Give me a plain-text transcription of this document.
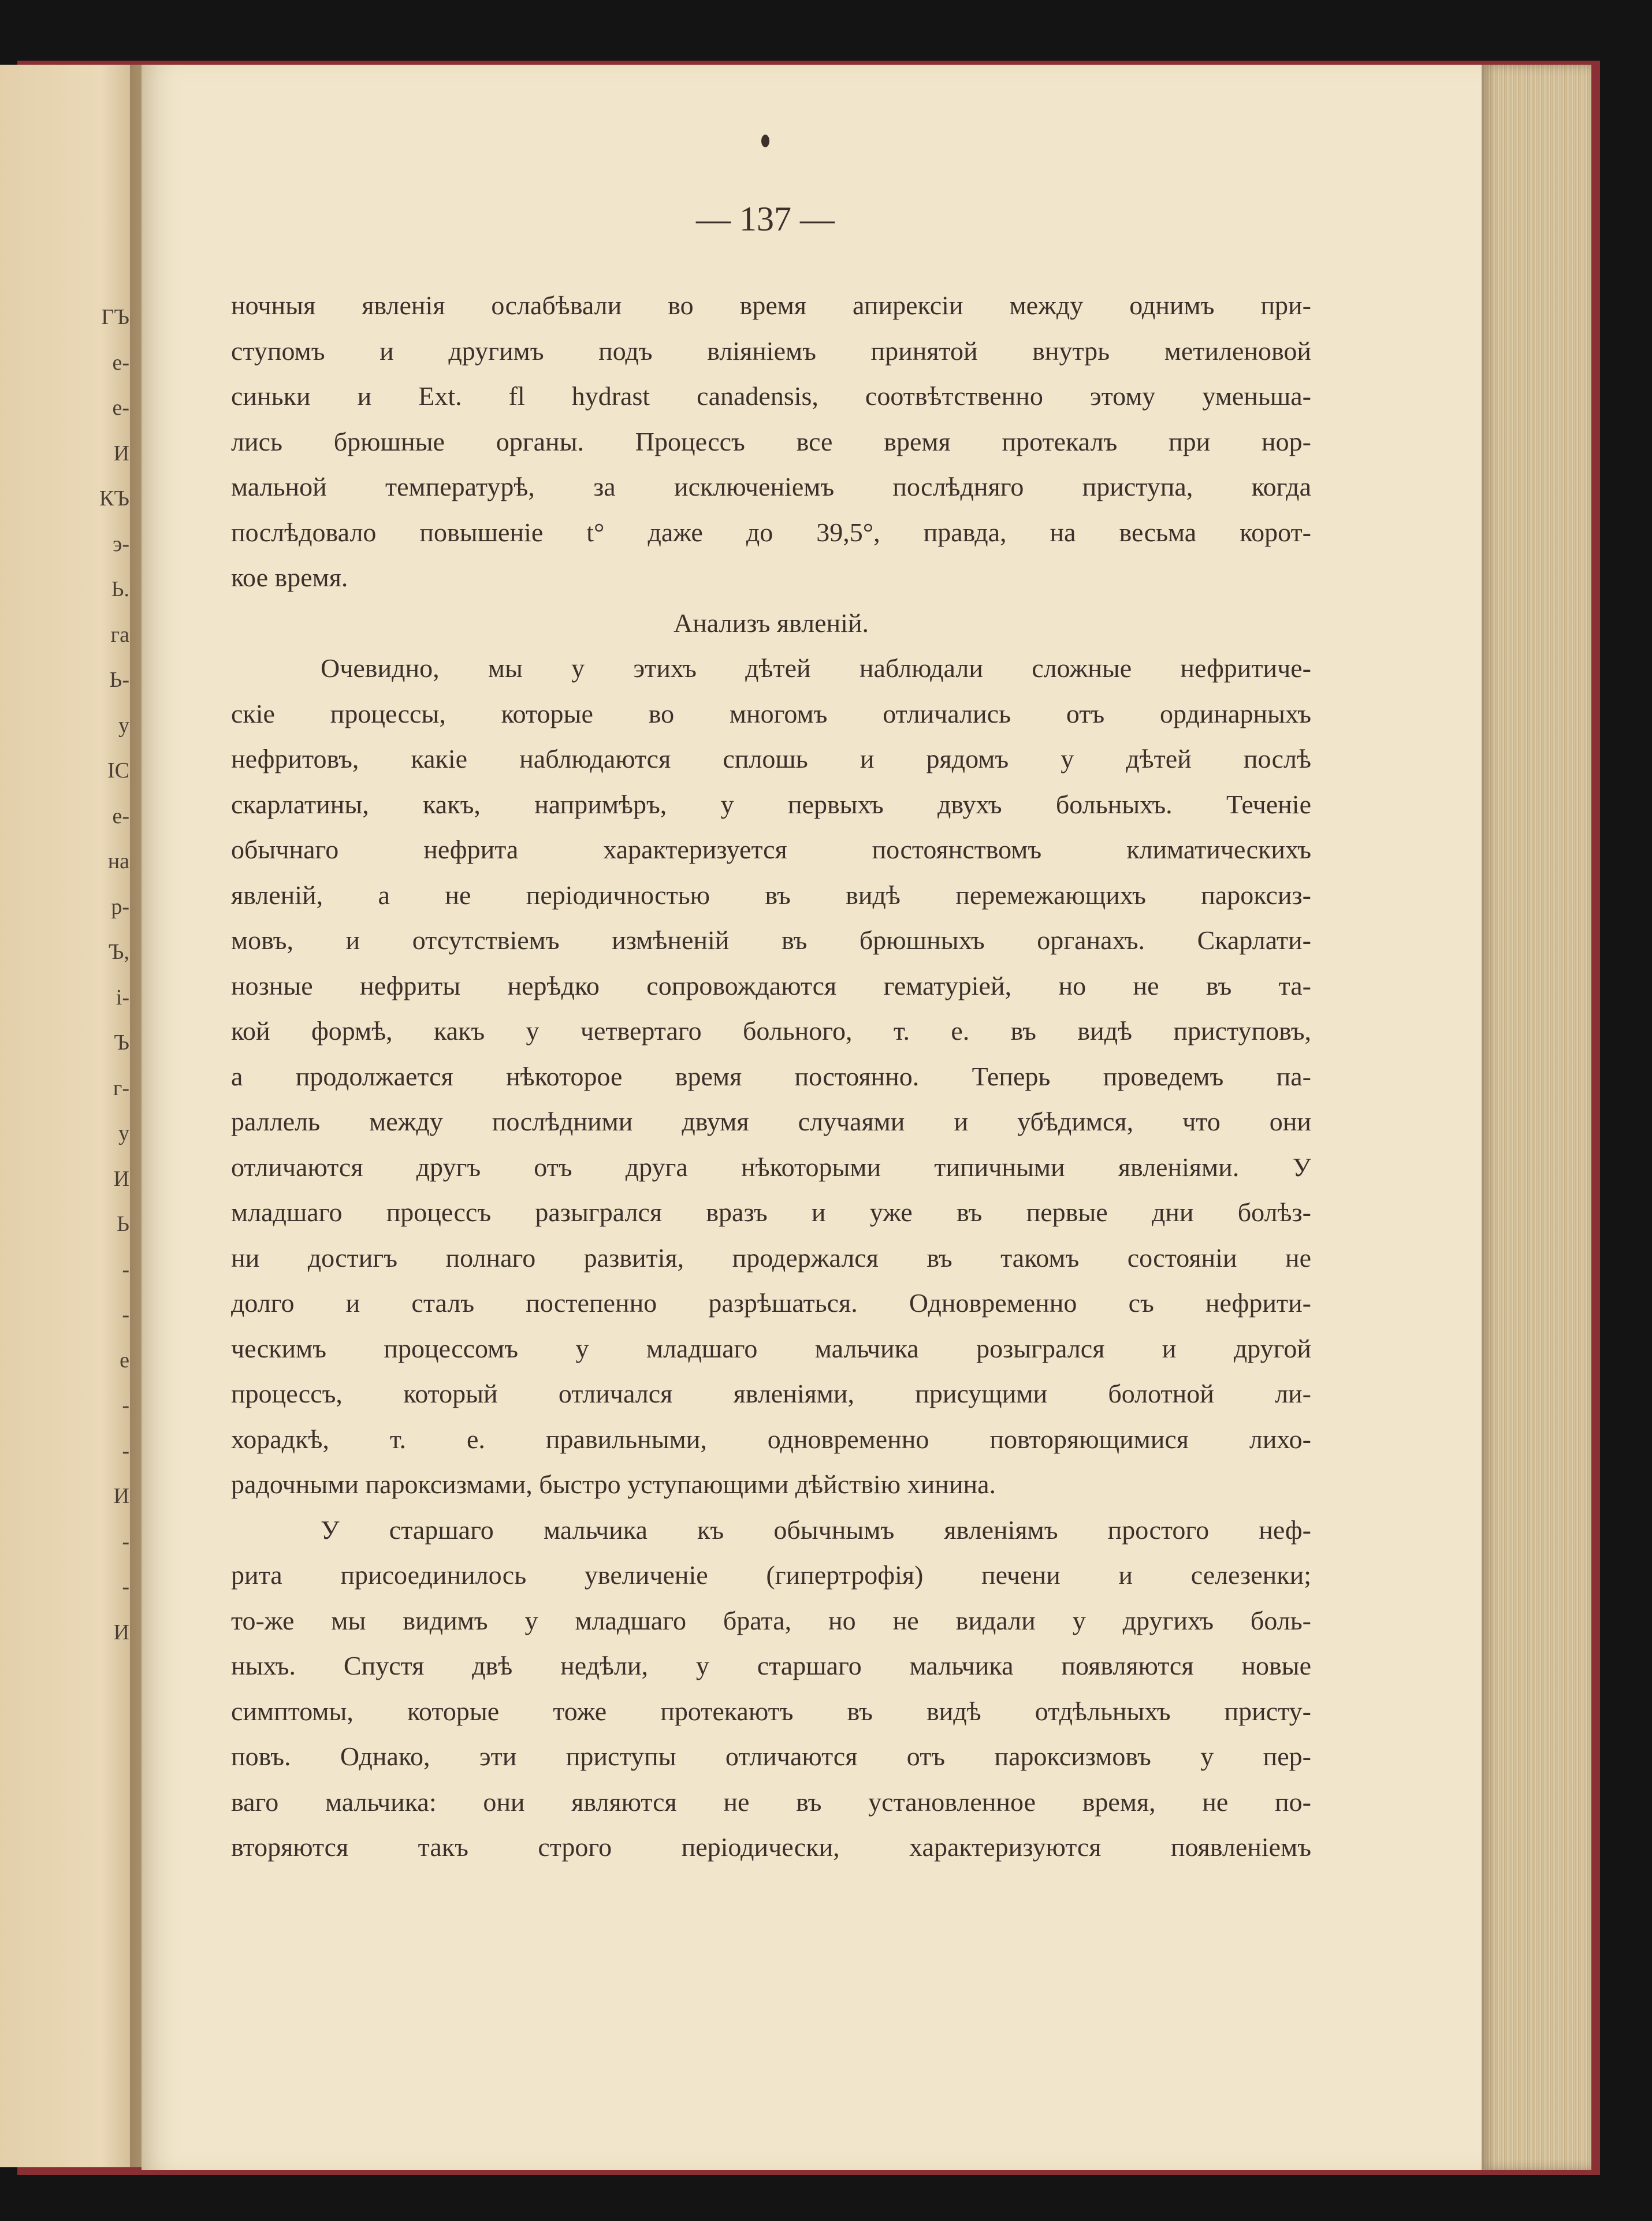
ГЪ
е-
е-
И
КЪ
э-
Ь.
га
Ь-
у
ІС
е-
на
р-
Ъ,
і-
Ъ
г-
у
И
Ь
-
-
е
-
-
И
-
-
И
— 137 —
ночныя явленія ослабѣвали во время апирексіи между однимъ при-
ступомъ и другимъ подъ вліяніемъ принятой внутрь метиленовой
синьки и Ext. fl hydrast canadensis, соотвѣтственно этому уменьша-
лись брюшные органы. Процессъ все время протекалъ при нор-
мальной температурѣ, за исключеніемъ послѣдняго приступа, когда
послѣдовало повышеніе t° даже до 39,5°, правда, на весьма корот-
кое время.
Анализъ явленій.
Очевидно, мы у этихъ дѣтей наблюдали сложные нефритиче-
скіе процессы, которые во многомъ отличались отъ ординарныхъ
нефритовъ, какіе наблюдаются сплошь и рядомъ у дѣтей послѣ
скарлатины, какъ, напримѣръ, у первыхъ двухъ больныхъ. Теченіе
обычнаго нефрита характеризуется постоянствомъ климатическихъ
явленій, а не періодичностью въ видѣ перемежающихъ пароксиз-
мовъ, и отсутствіемъ измѣненій въ брюшныхъ органахъ. Скарлати-
нозные нефриты нерѣдко сопровождаются гематуріей, но не въ та-
кой формѣ, какъ у четвертаго больного, т. е. въ видѣ приступовъ,
а продолжается нѣкоторое время постоянно. Теперь проведемъ па-
раллель между послѣдними двумя случаями и убѣдимся, что они
отличаются другъ отъ друга нѣкоторыми типичными явленіями. У
младшаго процессъ разыгрался вразъ и уже въ первые дни болѣз-
ни достигъ полнаго развитія, продержался въ такомъ состояніи не
долго и сталъ постепенно разрѣшаться. Одновременно съ нефрити-
ческимъ процессомъ у младшаго мальчика розыгрался и другой
процессъ, который отличался явленіями, присущими болотной ли-
хорадкѣ, т. е. правильными, одновременно повторяющимися лихо-
радочными пароксизмами, быстро уступающими дѣйствію хинина.
У старшаго мальчика къ обычнымъ явленіямъ простого неф-
рита присоединилось увеличеніе (гипертрофія) печени и селезенки;
то-же мы видимъ у младшаго брата, но не видали у другихъ боль-
ныхъ. Спустя двѣ недѣли, у старшаго мальчика появляются новые
симптомы, которые тоже протекаютъ въ видѣ отдѣльныхъ присту-
повъ. Однако, эти приступы отличаются отъ пароксизмовъ у пер-
ваго мальчика: они являются не въ установленное время, не по-
вторяются такъ строго періодически, характеризуются появленіемъ
